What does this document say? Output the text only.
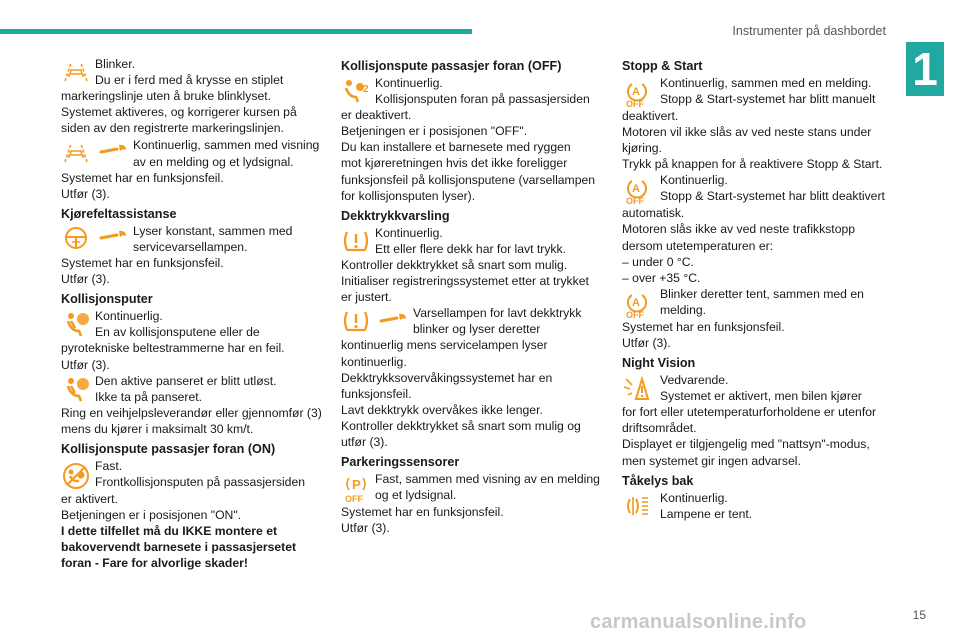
Instrumenter på dashbordet
1
Blinker.
Du er i ferd med å krysse en stiplet
markeringslinje uten å bruke blinklyset.
Systemet aktiveres, og korrigerer kursen på
siden av den registrerte markeringslinjen.
Kontinuerlig, sammen med visning
av en melding og et lydsignal.
Systemet har en funksjonsfeil.
Utfør (3).
Kjørefeltassistanse
Lyser konstant, sammen med
servicevarsellampen.
Systemet har en funksjonsfeil.
Utfør (3).
Kollisjonsputer
Kontinuerlig.
En av kollisjonsputene eller de
pyrotekniske beltestrammerne har en feil.
Utfør (3).
Den aktive panseret er blitt utløst.
Ikke ta på panseret.
Ring en veihjelpsleverandør eller gjennomfør (3)
mens du kjører i maksimalt 30 km/t.
Kollisjonspute passasjer foran (ON)
Fast.
Frontkollisjonsputen på passasjersiden
er aktivert.
Betjeningen er i posisjonen "ON".
I dette tilfellet må du IKKE montere et
bakovervendt barnesete i passasjersetet
foran - Fare for alvorlige skader!
Kollisjonspute passasjer foran (OFF)
Kontinuerlig.
Kollisjonsputen foran på passasjersiden
er deaktivert.
Betjeningen er i posisjonen "OFF".
Du kan installere et barnesete med ryggen
mot kjøreretningen hvis det ikke foreligger
funksjonsfeil på kollisjonsputene (varsellampen
for kollisjonsputen lyser).
Dekktrykkvarsling
Kontinuerlig.
Ett eller flere dekk har for lavt trykk.
Kontroller dekktrykket så snart som mulig.
Initialiser registreringssystemet etter at trykket
er justert.
Varsellampen for lavt dekktrykk
blinker og lyser deretter
kontinuerlig mens servicelampen lyser
kontinuerlig.
Dekktrykksovervåkingssystemet har en
funksjonsfeil.
Lavt dekktrykk overvåkes ikke lenger.
Kontroller dekktrykket så snart som mulig og
utfør (3).
Parkeringssensorer
Fast, sammen med visning av en melding
og et lydsignal.
Systemet har en funksjonsfeil.
Utfør (3).
Stopp & Start
Kontinuerlig, sammen med en melding.
Stopp & Start-systemet har blitt manuelt
deaktivert.
Motoren vil ikke slås av ved neste stans under
kjøring.
Trykk på knappen for å reaktivere Stopp & Start.
Kontinuerlig.
Stopp & Start-systemet har blitt deaktivert
automatisk.
Motoren slås ikke av ved neste trafikkstopp
dersom utetemperaturen er:
– under 0 °C.
– over +35 °C.
Blinker deretter tent, sammen med en
melding.
Systemet har en funksjonsfeil.
Utfør (3).
Night Vision
Vedvarende.
Systemet er aktivert, men bilen kjører
for fort eller utetemperaturforholdene er utenfor
driftsområdet.
Displayet er tilgjengelig med "nattsyn"-modus,
men systemet gir ingen advarsel.
Tåkelys bak
Kontinuerlig.
Lampene er tent.
carmanualsonline.info	15
